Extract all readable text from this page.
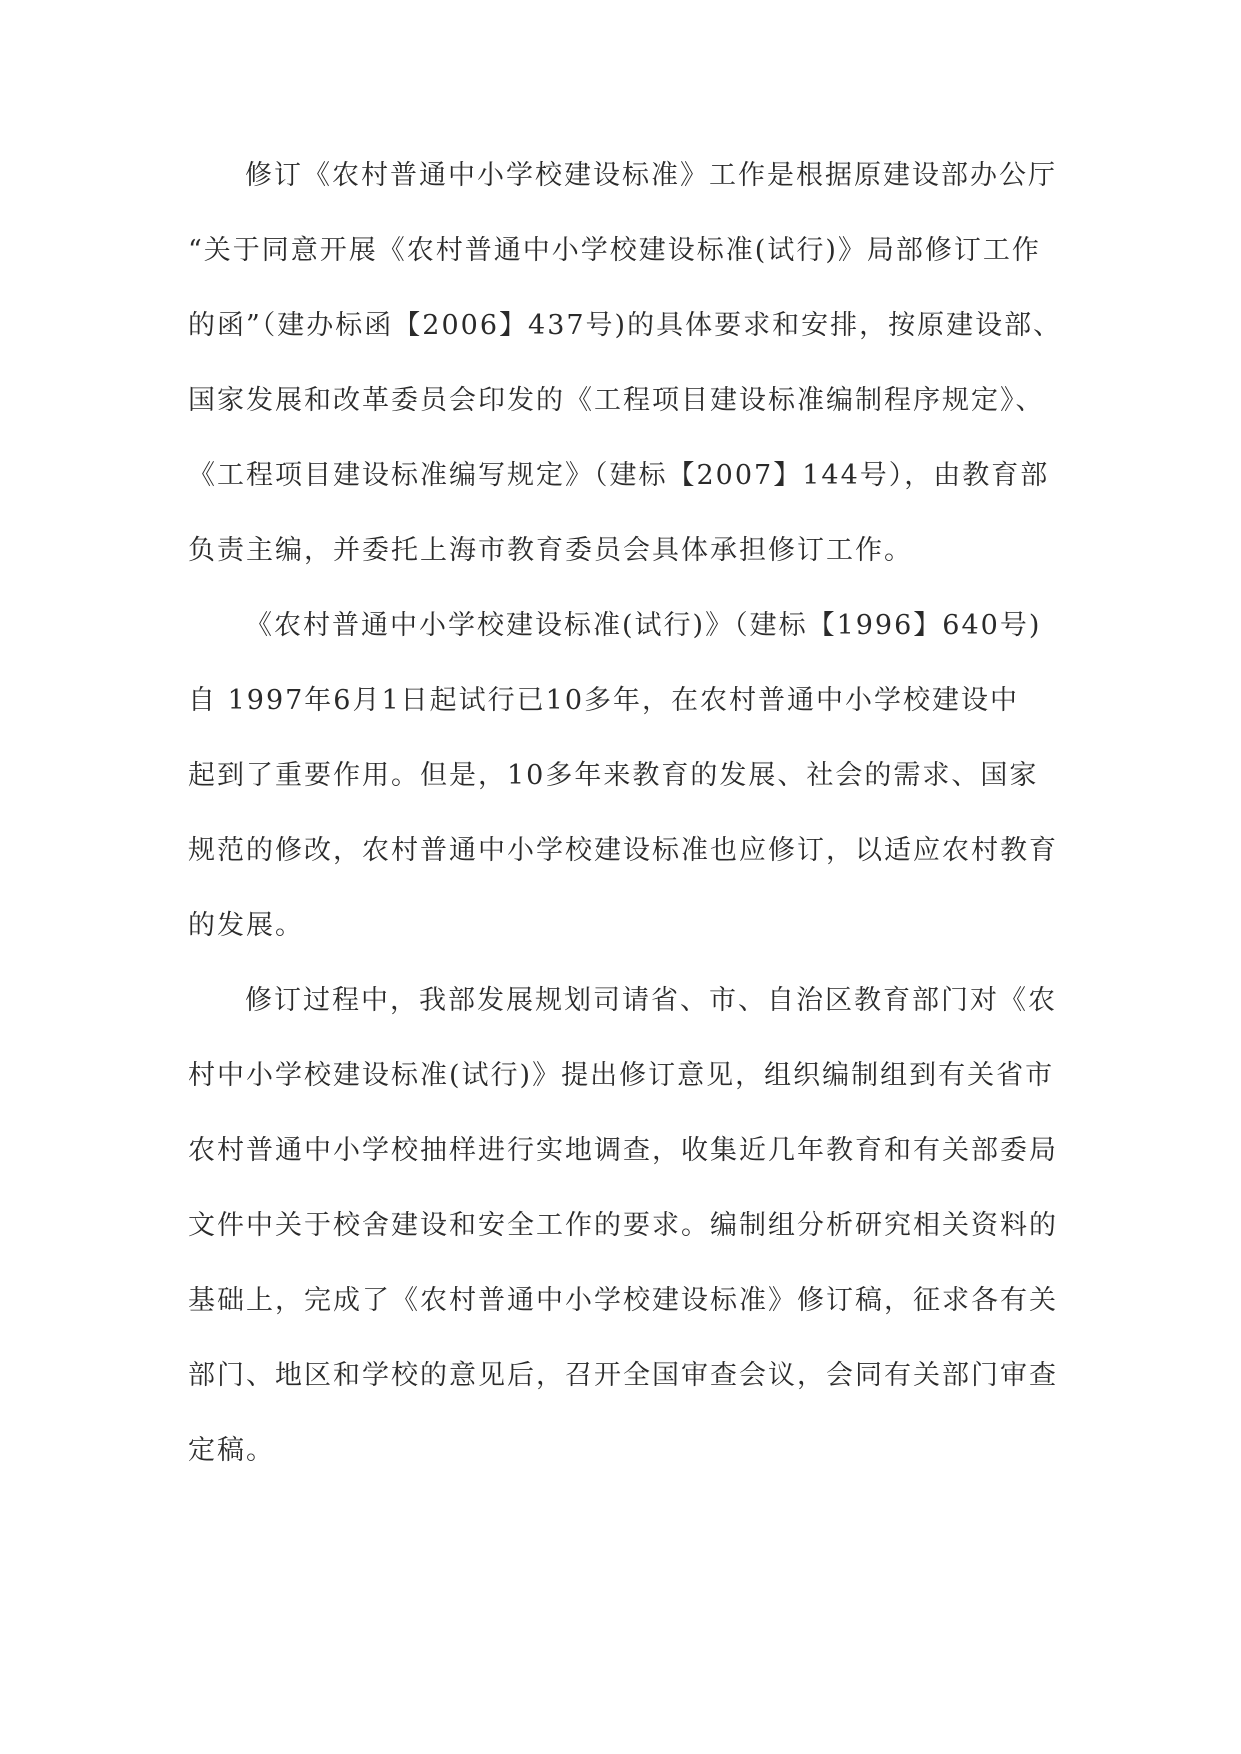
修订《农村普通中小学校建设标准》工作是根据原建设部办公厅
“关于同意开展《农村普通中小学校建设标准(试行)》局部修订工作
的函”（建办标函【2006】437号)的具体要求和安排，按原建设部、
国家发展和改革委员会印发的《工程项目建设标准编制程序规定》、
《工程项目建设标准编写规定》（建标【2007】144号），由教育部
负责主编，并委托上海市教育委员会具体承担修订工作。
《农村普通中小学校建设标准(试行)》（建标【1996】640号)
自 1997年6月1日起试行已10多年，在农村普通中小学校建设中
起到了重要作用。但是，10多年来教育的发展、社会的需求、国家
规范的修改，农村普通中小学校建设标准也应修订，以适应农村教育
的发展。
修订过程中，我部发展规划司请省、市、自治区教育部门对《农
村中小学校建设标准(试行)》提出修订意见，组织编制组到有关省市
农村普通中小学校抽样进行实地调查，收集近几年教育和有关部委局
文件中关于校舍建设和安全工作的要求。编制组分析研究相关资料的
基础上，完成了《农村普通中小学校建设标准》修订稿，征求各有关
部门、地区和学校的意见后，召开全国审查会议，会同有关部门审查
定稿。
